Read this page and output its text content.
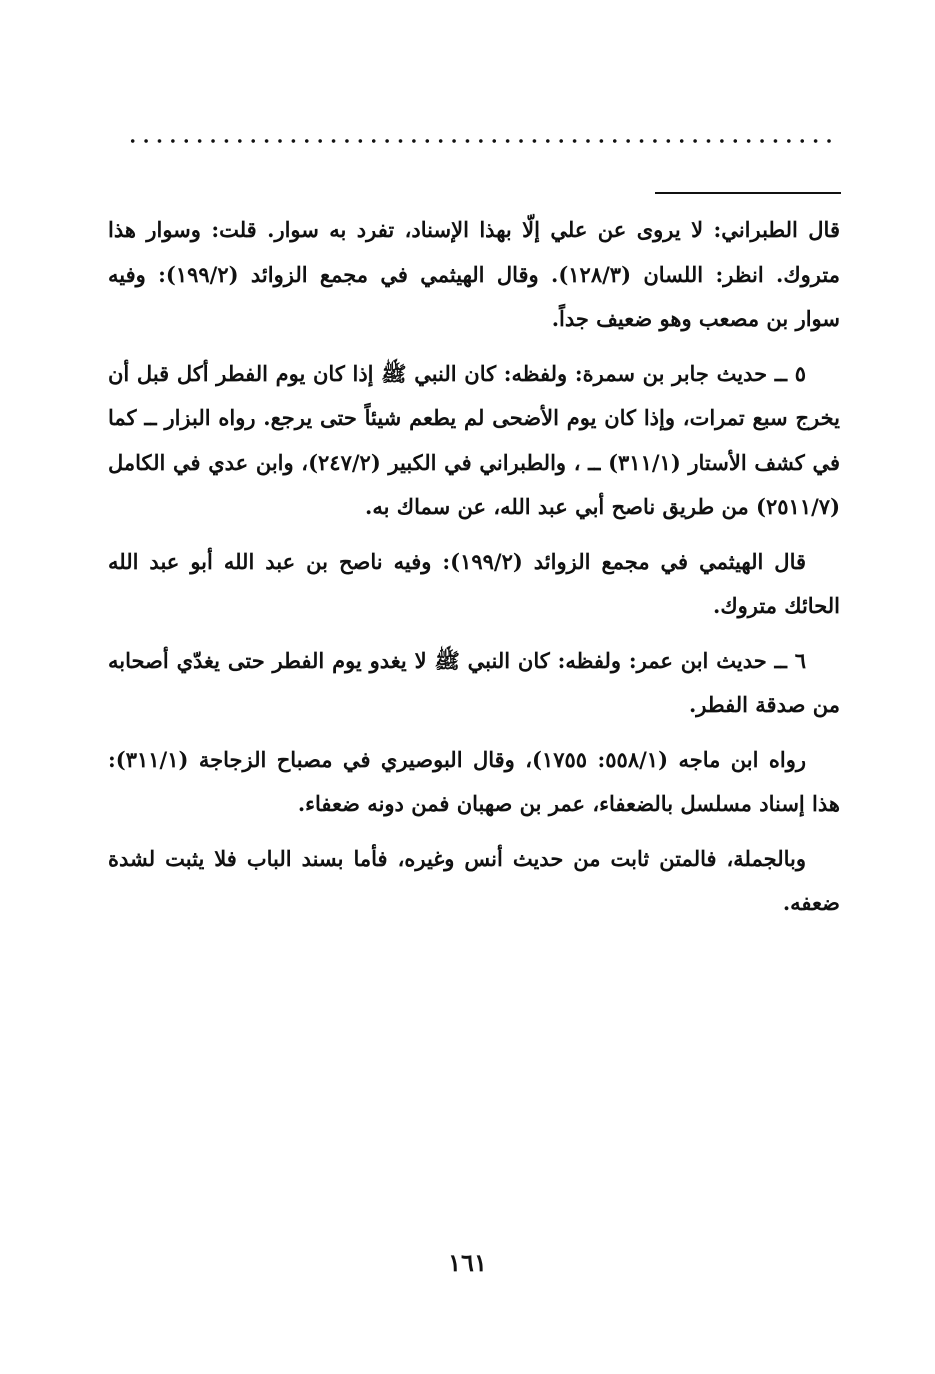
قال الطبراني: لا يروى عن علي إلّا بهذا الإسناد، تفرد به سوار. قلت: وسوار هذا متروك. انظر: اللسان (١٢٨/٣). وقال الهيثمي في مجمع الزوائد (١٩٩/٢): وفيه سوار بن مصعب وهو ضعيف جداً.

٥ ــ حديث جابر بن سمرة: ولفظه: كان النبي ﷺ إذا كان يوم الفطر أكل قبل أن يخرج سبع تمرات، وإذا كان يوم الأضحى لم يطعم شيئاً حتى يرجع. رواه البزار ــ كما في كشف الأستار (٣١١/١) ــ ، والطبراني في الكبير (٢٤٧/٢)، وابن عدي في الكامل (٢٥١١/٧) من طريق ناصح أبي عبد الله، عن سماك به.

قال الهيثمي في مجمع الزوائد (١٩٩/٢): وفيه ناصح بن عبد الله أبو عبد الله الحائك متروك.

٦ ــ حديث ابن عمر: ولفظه: كان النبي ﷺ لا يغدو يوم الفطر حتى يغدّي أصحابه من صدقة الفطر.

رواه ابن ماجه (٥٥٨/١: ١٧٥٥)، وقال البوصيري في مصباح الزجاجة (٣١١/١): هذا إسناد مسلسل بالضعفاء، عمر بن صهبان فمن دونه ضعفاء.

وبالجملة، فالمتن ثابت من حديث أنس وغيره، فأما بسند الباب فلا يثبت لشدة ضعفه.

١٦١
